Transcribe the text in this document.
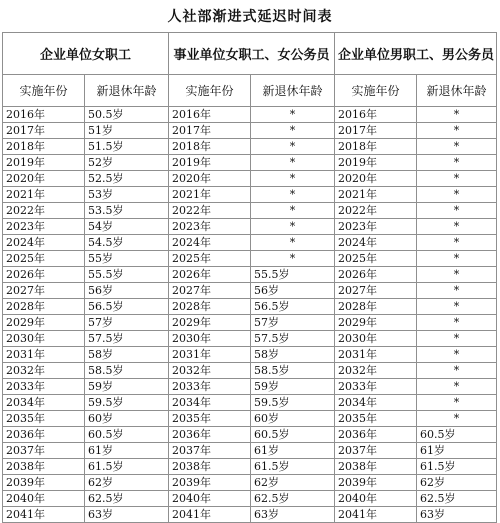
人社部渐进式延迟时间表
企业单位女职工		事业单位女职工、女公务员		企业单位男职工、男公务员	
实施年份	新退休年龄	实施年份	新退休年龄	实施年份	新退休年龄
2016年	50.5岁	2016年	*	2016年	*
2017年	51岁	2017年	*	2017年	*
2018年	51.5岁	2018年	*	2018年	*
2019年	52岁	2019年	*	2019年	*
2020年	52.5岁	2020年	*	2020年	*
2021年	53岁	2021年	*	2021年	*
2022年	53.5岁	2022年	*	2022年	*
2023年	54岁	2023年	*	2023年	*
2024年	54.5岁	2024年	*	2024年	*
2025年	55岁	2025年	*	2025年	*
2026年	55.5岁	2026年	55.5岁	2026年	*
2027年	56岁	2027年	56岁	2027年	*
2028年	56.5岁	2028年	56.5岁	2028年	*
2029年	57岁	2029年	57岁	2029年	*
2030年	57.5岁	2030年	57.5岁	2030年	*
2031年	58岁	2031年	58岁	2031年	*
2032年	58.5岁	2032年	58.5岁	2032年	*
2033年	59岁	2033年	59岁	2033年	*
2034年	59.5岁	2034年	59.5岁	2034年	*
2035年	60岁	2035年	60岁	2035年	*
2036年	60.5岁	2036年	60.5岁	2036年	60.5岁
2037年	61岁	2037年	61岁	2037年	61岁
2038年	61.5岁	2038年	61.5岁	2038年	61.5岁
2039年	62岁	2039年	62岁	2039年	62岁
2040年	62.5岁	2040年	62.5岁	2040年	62.5岁
2041年	63岁	2041年	63岁	2041年	63岁
